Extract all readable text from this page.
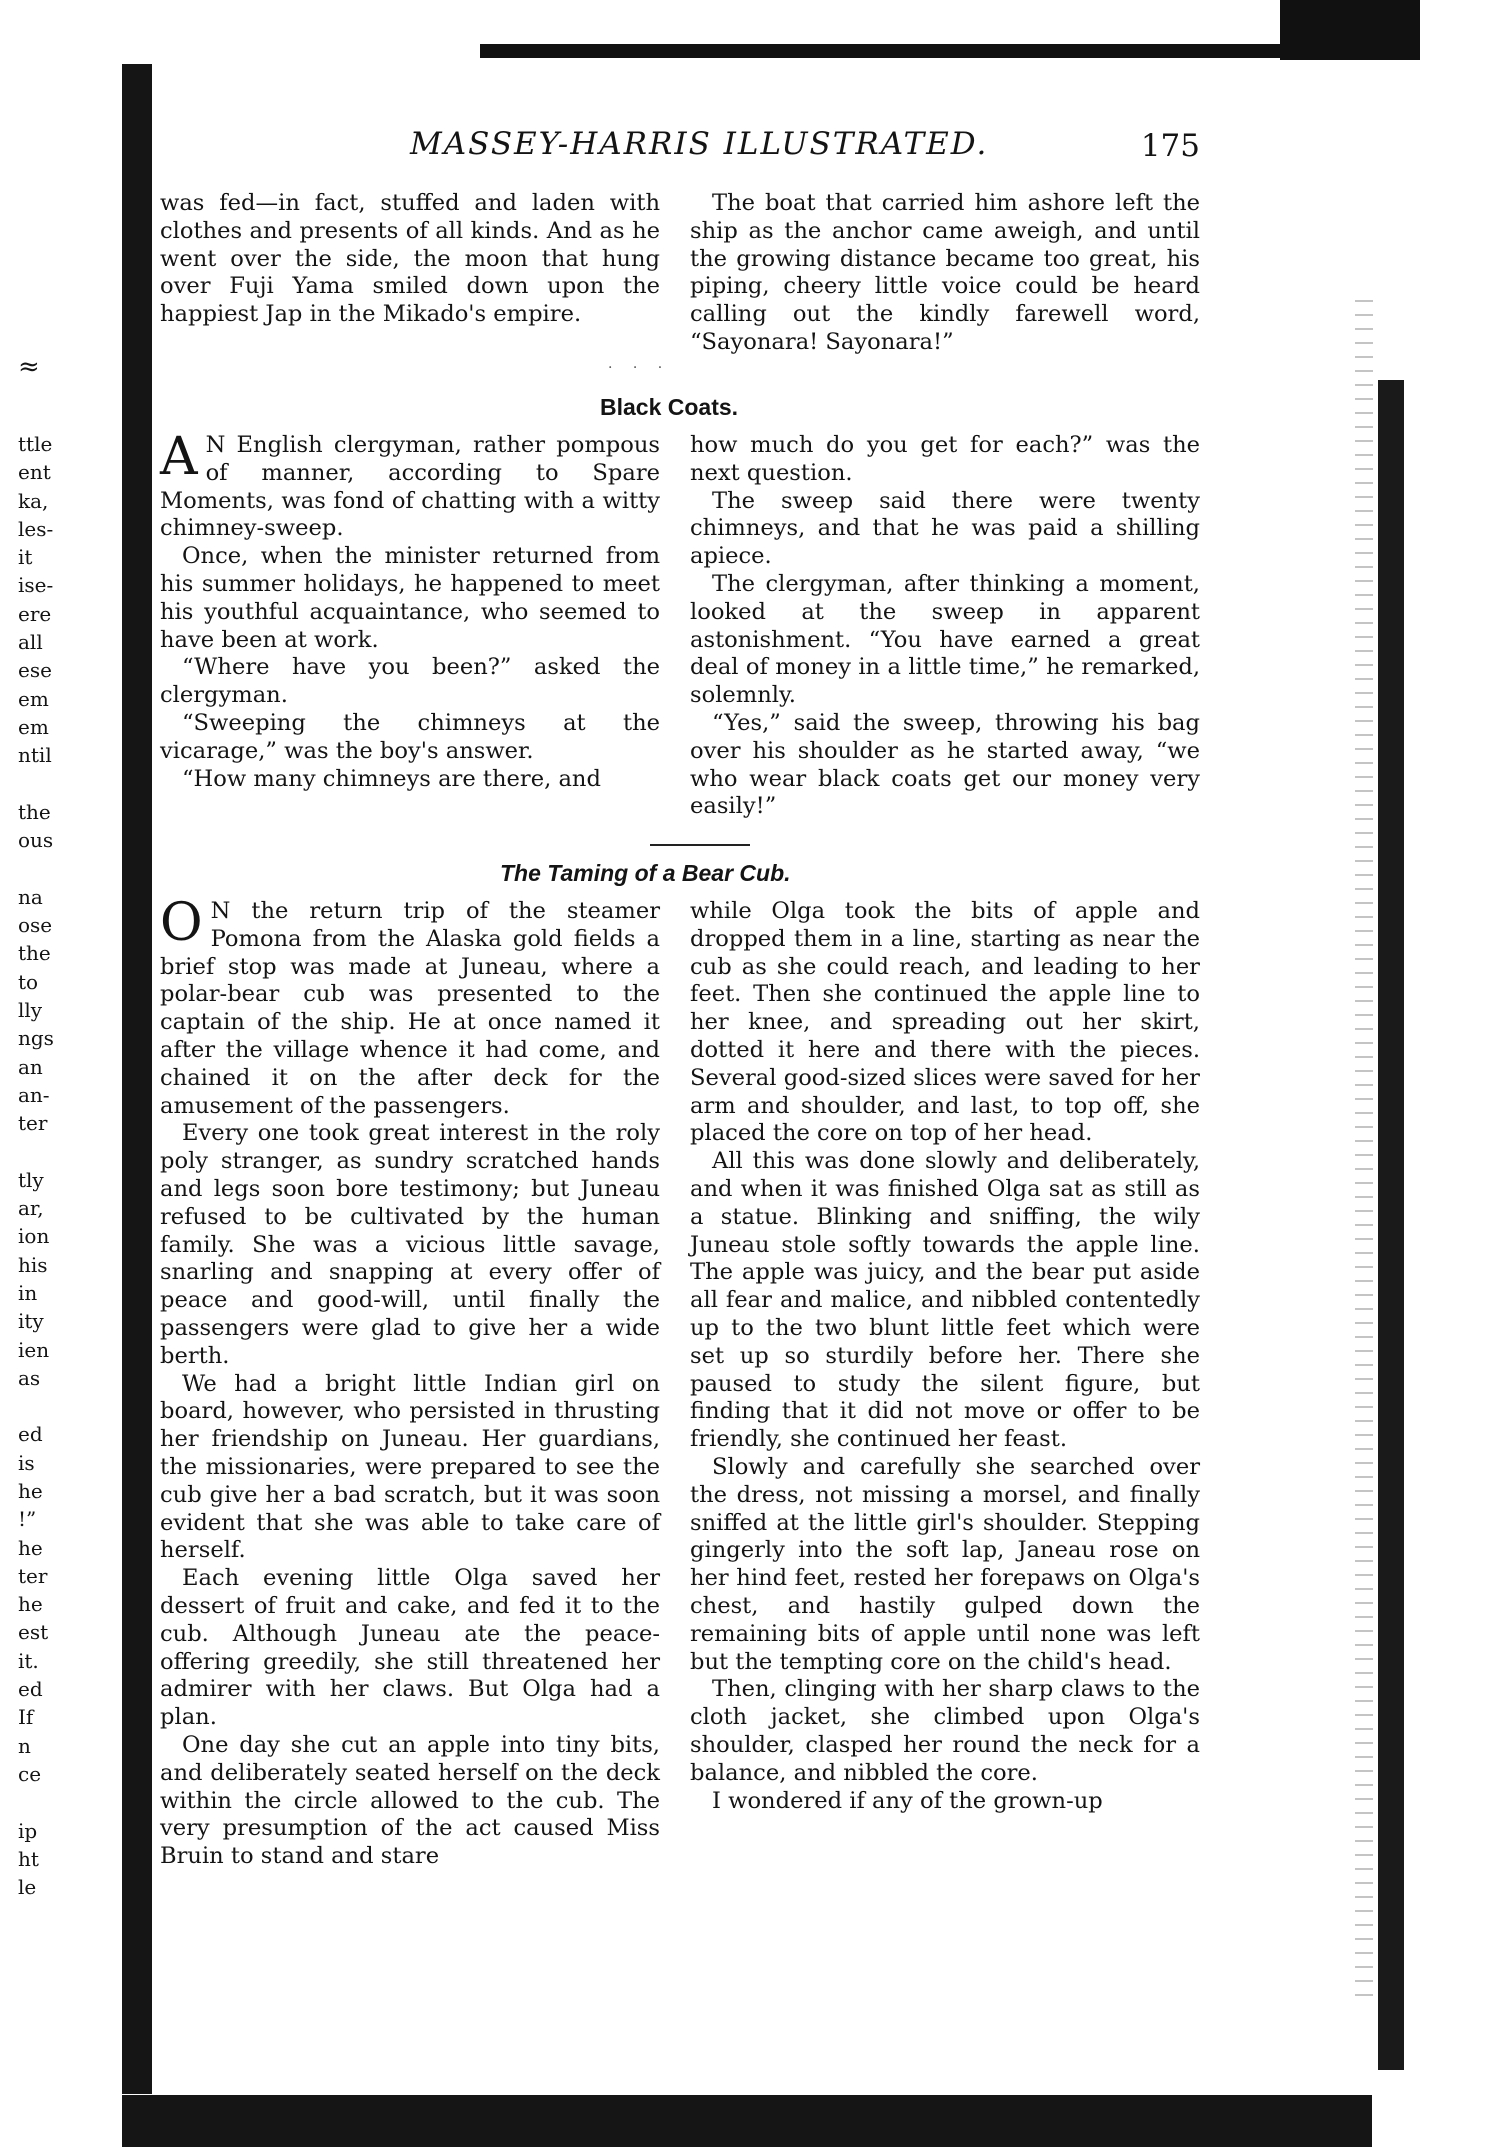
≈
ttle
ent
ka,
les-
it
ise-
ere
all
ese
em
em
ntil
the
ous
na
ose
the
to
lly
ngs
an
an-
ter
tly
ar,
ion
his
in
ity
ien
as
ed
is
he
!”
he
ter
he
est
it.
ed
If
n
ce
ip
ht
le
MASSEY-HARRIS ILLUSTRATED.	175

was fed—in fact, stuffed and laden with clothes and presents of all kinds. And as he went over the side, the moon that hung over Fuji Yama smiled down upon the happiest Jap in the Mikado's empire.

The boat that carried him ashore left the ship as the anchor came aweigh, and until the growing distance became too great, his piping, cheery little voice could be heard calling out the kindly farewell word, “Sayonara! Sayonara!”

· · ·
Black Coats.

A N English clergyman, rather pompous of manner, according to Spare Moments, was fond of chatting with a witty chimney-sweep.

Once, when the minister returned from his summer holidays, he happened to meet his youthful acquaintance, who seemed to have been at work.

“Where have you been?” asked the clergyman.

“Sweeping the chimneys at the vicarage,” was the boy's answer.

“How many chimneys are there, and

how much do you get for each?” was the next question.

The sweep said there were twenty chimneys, and that he was paid a shilling apiece.

The clergyman, after thinking a moment, looked at the sweep in apparent astonishment. “You have earned a great deal of money in a little time,” he remarked, solemnly.

“Yes,” said the sweep, throwing his bag over his shoulder as he started away, “we who wear black coats get our money very easily!”

The Taming of a Bear Cub.

O N the return trip of the steamer Pomona from the Alaska gold fields a brief stop was made at Juneau, where a polar-bear cub was presented to the captain of the ship. He at once named it after the village whence it had come, and chained it on the after deck for the amusement of the passengers.

Every one took great interest in the roly poly stranger, as sundry scratched hands and legs soon bore testimony; but Juneau refused to be cultivated by the human family. She was a vicious little savage, snarling and snapping at every offer of peace and good-will, until finally the passengers were glad to give her a wide berth.

We had a bright little Indian girl on board, however, who persisted in thrusting her friendship on Juneau. Her guardians, the missionaries, were prepared to see the cub give her a bad scratch, but it was soon evident that she was able to take care of herself.

Each evening little Olga saved her dessert of fruit and cake, and fed it to the cub. Although Juneau ate the peace-offering greedily, she still threatened her admirer with her claws. But Olga had a plan.

One day she cut an apple into tiny bits, and deliberately seated herself on the deck within the circle allowed to the cub. The very presumption of the act caused Miss Bruin to stand and stare

while Olga took the bits of apple and dropped them in a line, starting as near the cub as she could reach, and leading to her feet. Then she continued the apple line to her knee, and spreading out her skirt, dotted it here and there with the pieces. Several good-sized slices were saved for her arm and shoulder, and last, to top off, she placed the core on top of her head.

All this was done slowly and deliberately, and when it was finished Olga sat as still as a statue. Blinking and sniffing, the wily Juneau stole softly towards the apple line. The apple was juicy, and the bear put aside all fear and malice, and nibbled contentedly up to the two blunt little feet which were set up so sturdily before her. There she paused to study the silent figure, but finding that it did not move or offer to be friendly, she continued her feast.

Slowly and carefully she searched over the dress, not missing a morsel, and finally sniffed at the little girl's shoulder. Stepping gingerly into the soft lap, Janeau rose on her hind feet, rested her forepaws on Olga's chest, and hastily gulped down the remaining bits of apple until none was left but the tempting core on the child's head.

Then, clinging with her sharp claws to the cloth jacket, she climbed upon Olga's shoulder, clasped her round the neck for a balance, and nibbled the core.

I wondered if any of the grown-up
